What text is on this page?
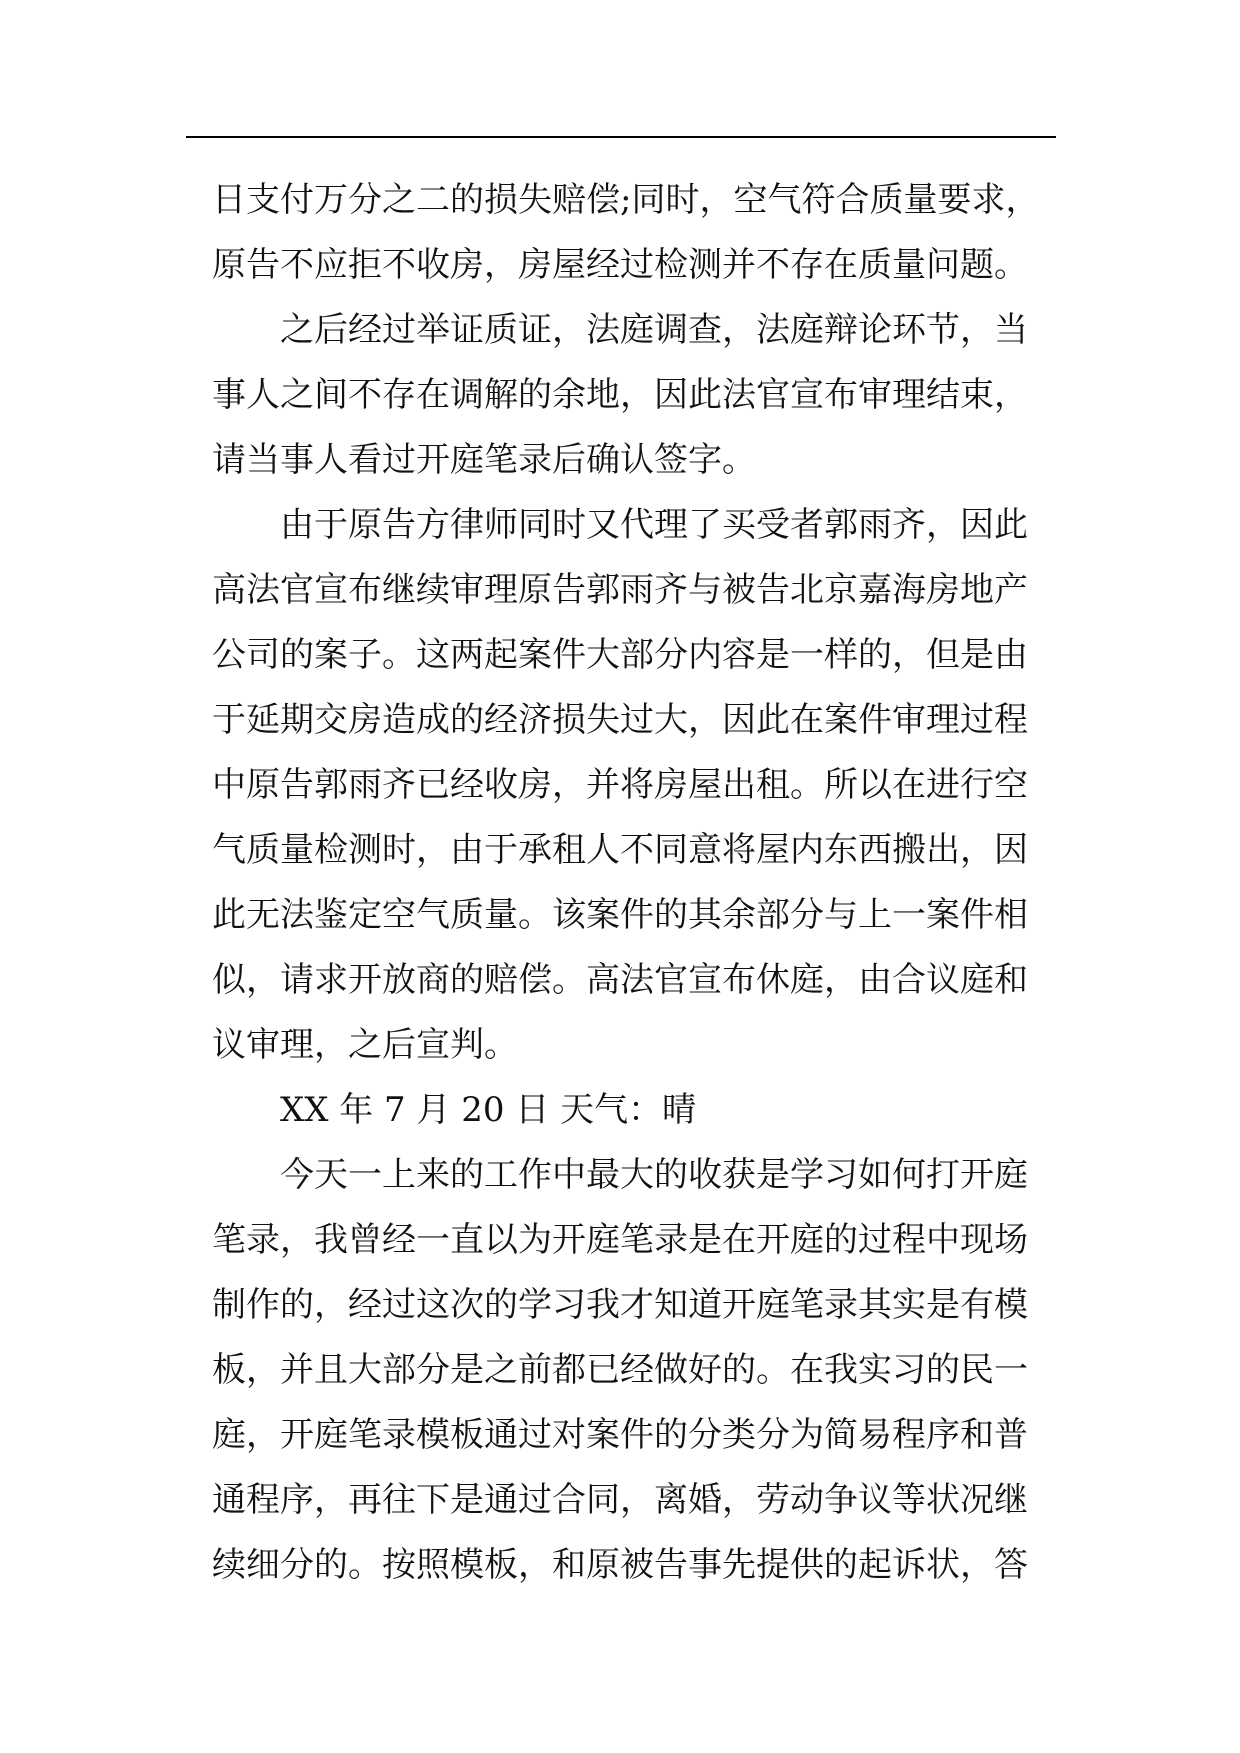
日支付万分之二的损失赔偿;同时，空气符合质量要求，
原告不应拒不收房，房屋经过检测并不存在质量问题。
之后经过举证质证，法庭调查，法庭辩论环节，当
事人之间不存在调解的余地，因此法官宣布审理结束，
请当事人看过开庭笔录后确认签字。
由于原告方律师同时又代理了买受者郭雨齐，因此
高法官宣布继续审理原告郭雨齐与被告北京嘉海房地产
公司的案子。这两起案件大部分内容是一样的，但是由
于延期交房造成的经济损失过大，因此在案件审理过程
中原告郭雨齐已经收房，并将房屋出租。所以在进行空
气质量检测时，由于承租人不同意将屋内东西搬出，因
此无法鉴定空气质量。该案件的其余部分与上一案件相
似，请求开放商的赔偿。高法官宣布休庭，由合议庭和
议审理，之后宣判。
XX 年 7 月 20 日 天气：晴
今天一上来的工作中最大的收获是学习如何打开庭
笔录，我曾经一直以为开庭笔录是在开庭的过程中现场
制作的，经过这次的学习我才知道开庭笔录其实是有模
板，并且大部分是之前都已经做好的。在我实习的民一
庭，开庭笔录模板通过对案件的分类分为简易程序和普
通程序，再往下是通过合同，离婚，劳动争议等状况继
续细分的。按照模板，和原被告事先提供的起诉状，答
